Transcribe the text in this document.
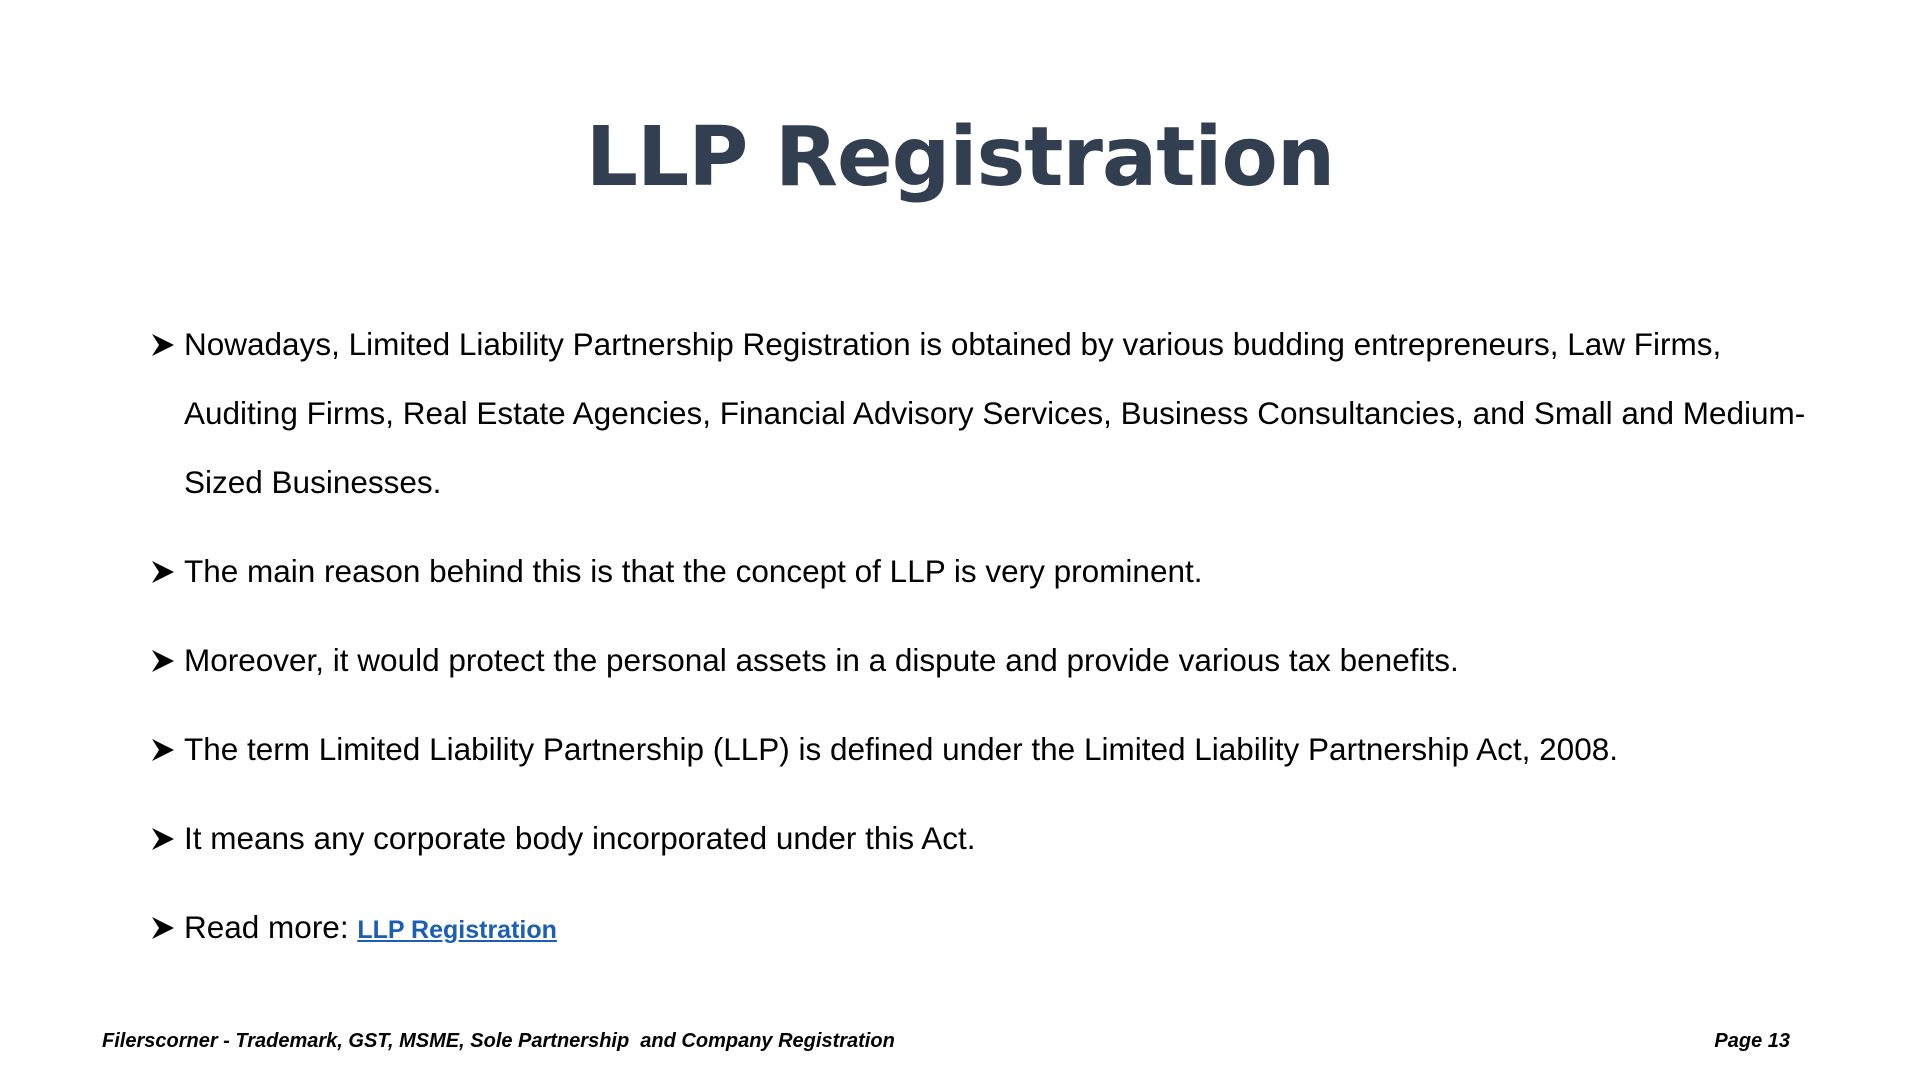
LLP Registration
Nowadays, Limited Liability Partnership Registration is obtained by various budding entrepreneurs, Law Firms, Auditing Firms, Real Estate Agencies, Financial Advisory Services, Business Consultancies, and Small and Medium-Sized Businesses.
The main reason behind this is that the concept of LLP is very prominent.
Moreover, it would protect the personal assets in a dispute and provide various tax benefits.
The term Limited Liability Partnership (LLP) is defined under the Limited Liability Partnership Act, 2008.
It means any corporate body incorporated under this Act.
Read more: LLP Registration
Filerscorner - Trademark, GST, MSME, Sole Partnership  and Company Registration	Page 13
